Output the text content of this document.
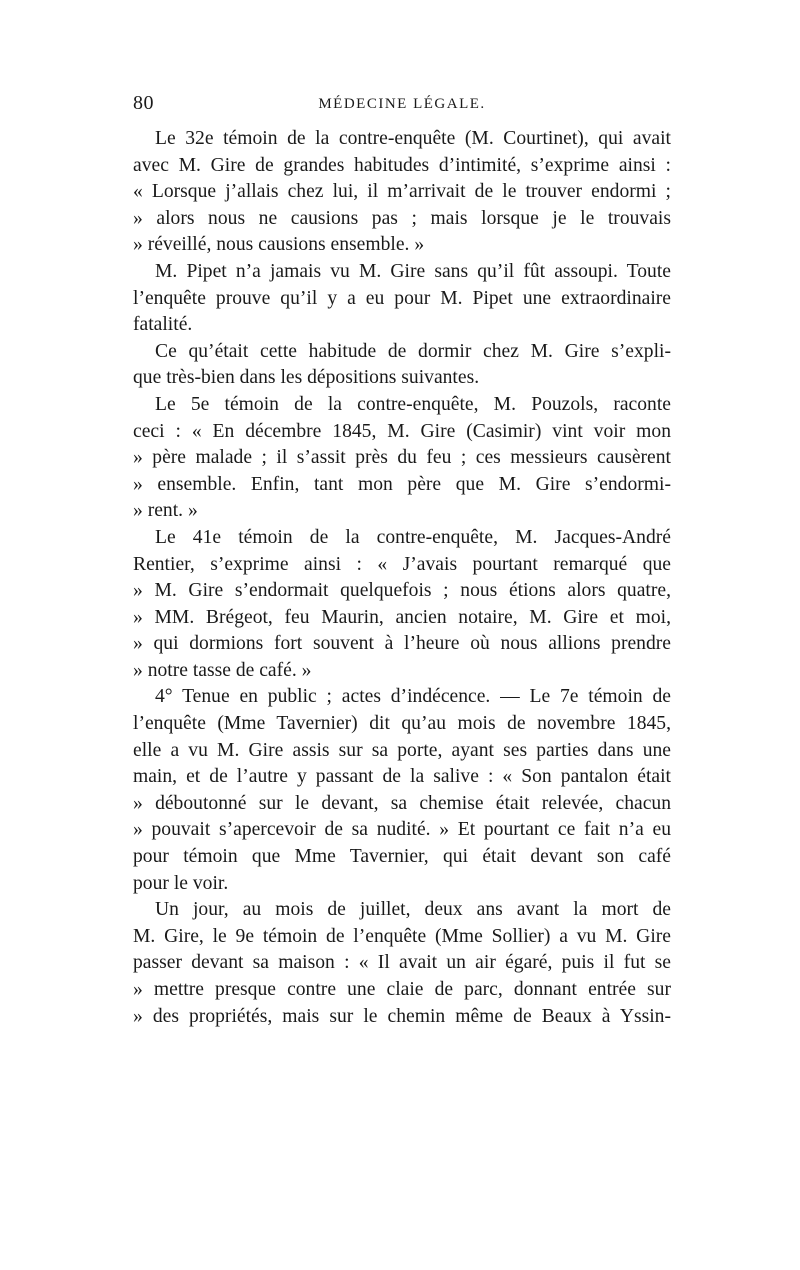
80	MÉDECINE LÉGALE.

Le 32e témoin de la contre-enquête (M. Courtinet), qui avait

avec M. Gire de grandes habitudes d’intimité, s’exprime ainsi :

« Lorsque j’allais chez lui, il m’arrivait de le trouver endormi ;

» alors nous ne causions pas ; mais lorsque je le trouvais

» réveillé, nous causions ensemble. »

M. Pipet n’a jamais vu M. Gire sans qu’il fût assoupi. Toute

l’enquête prouve qu’il y a eu pour M. Pipet une extraordinaire

fatalité.

Ce qu’était cette habitude de dormir chez M. Gire s’expli-

que très-bien dans les dépositions suivantes.

Le 5e témoin de la contre-enquête, M. Pouzols, raconte

ceci : « En décembre 1845, M. Gire (Casimir) vint voir mon

» père malade ; il s’assit près du feu ; ces messieurs causèrent

» ensemble. Enfin, tant mon père que M. Gire s’endormi-

» rent. »

Le 41e témoin de la contre-enquête, M. Jacques-André

Rentier, s’exprime ainsi : « J’avais pourtant remarqué que

» M. Gire s’endormait quelquefois ; nous étions alors quatre,

» MM. Brégeot, feu Maurin, ancien notaire, M. Gire et moi,

» qui dormions fort souvent à l’heure où nous allions prendre

» notre tasse de café. »

4° Tenue en public ; actes d’indécence. — Le 7e témoin de

l’enquête (Mme Tavernier) dit qu’au mois de novembre 1845,

elle a vu M. Gire assis sur sa porte, ayant ses parties dans une

main, et de l’autre y passant de la salive : « Son pantalon était

» déboutonné sur le devant, sa chemise était relevée, chacun

» pouvait s’apercevoir de sa nudité. » Et pourtant ce fait n’a eu

pour témoin que Mme Tavernier, qui était devant son café

pour le voir.

Un jour, au mois de juillet, deux ans avant la mort de

M. Gire, le 9e témoin de l’enquête (Mme Sollier) a vu M. Gire

passer devant sa maison : « Il avait un air égaré, puis il fut se

» mettre presque contre une claie de parc, donnant entrée sur

» des propriétés, mais sur le chemin même de Beaux à Yssin-
